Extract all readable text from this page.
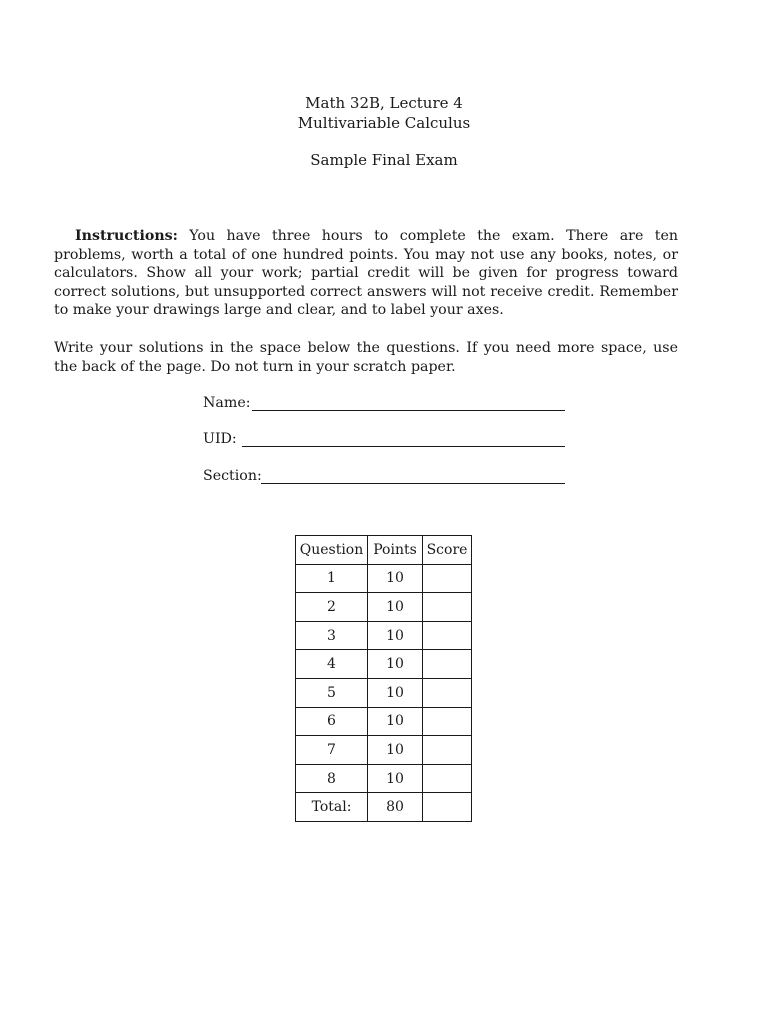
Math 32B, Lecture 4
Multivariable Calculus
Sample Final Exam
Instructions: You have three hours to complete the exam. There are ten problems, worth a total of one hundred points. You may not use any books, notes, or calculators. Show all your work; partial credit will be given for progress toward correct solutions, but unsupported correct answers will not receive credit. Remember to make your drawings large and clear, and to label your axes.
Write your solutions in the space below the questions. If you need more space, use the back of the page. Do not turn in your scratch paper.
Name:
UID:
Section:
Question	Points	Score
1	10	
2	10	
3	10	
4	10	
5	10	
6	10	
7	10	
8	10	
Total:	80	
